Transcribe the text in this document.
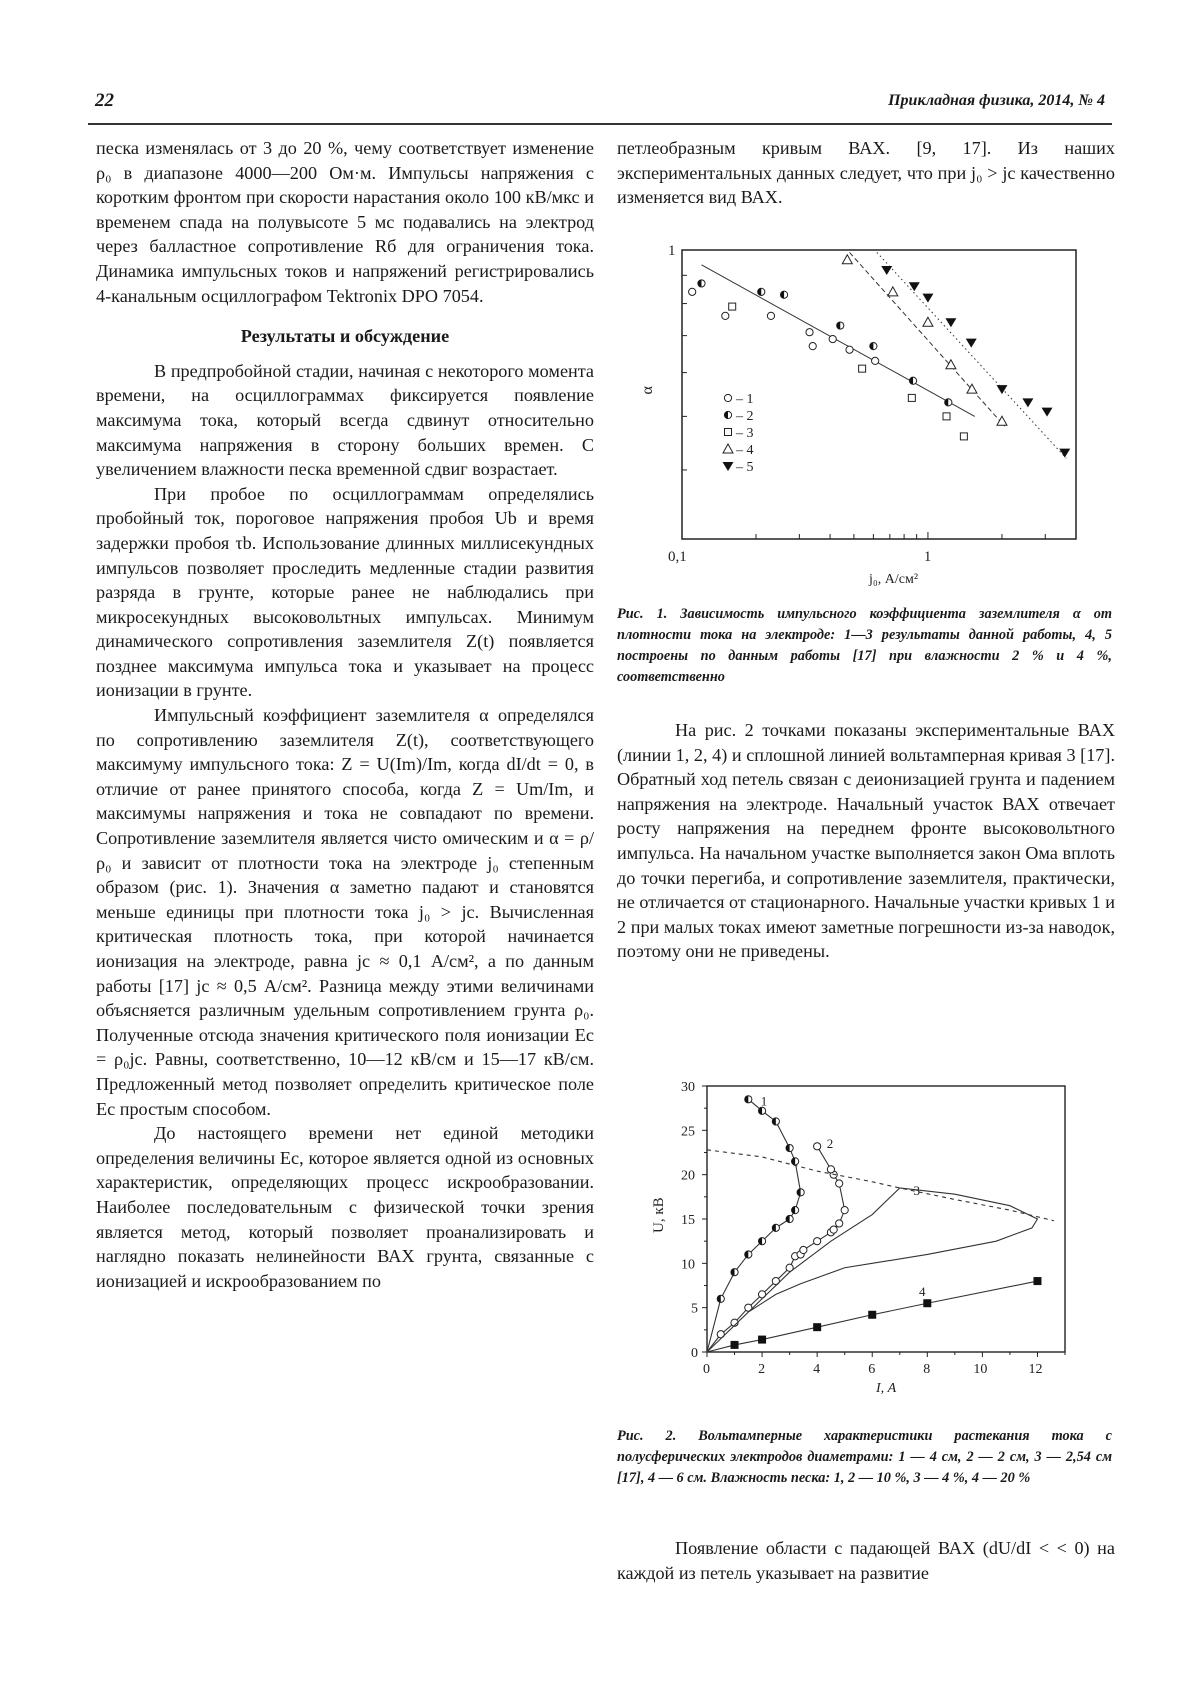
22	Прикладная физика, 2014, № 4

песка изменялась от 3 до 20 %, чему соответствует изменение ρ₀ в диапазоне 4000—200 Ом·м. Импульсы напряжения с коротким фронтом при скорости нарастания около 100 кВ/мкс и временем спада на полувысоте 5 мс подавались на электрод через балластное сопротивление Rб для ограничения тока. Динамика импульсных токов и напряжений регистрировались 4-канальным осциллографом Tektronix DPO 7054.

Результаты и обсуждение

В предпробойной стадии, начиная с некоторого момента времени, на осциллограммах фиксируется появление максимума тока, который всегда сдвинут относительно максимума напряжения в сторону больших времен. С увеличением влажности песка временной сдвиг возрастает.

При пробое по осциллограммам определялись пробойный ток, пороговое напряжения пробоя Ub и время задержки пробоя τb. Использование длинных миллисекундных импульсов позволяет проследить медленные стадии развития разряда в грунте, которые ранее не наблюдались при микросекундных высоковольтных импульсах. Минимум динамического сопротивления заземлителя Z(t) появляется позднее максимума импульса тока и указывает на процесс ионизации в грунте.

Импульсный коэффициент заземлителя α определялся по сопротивлению заземлителя Z(t), соответствующего максимуму импульсного тока: Z = U(Im)/Im, когда dI/dt = 0, в отличие от ранее принятого способа, когда Z = Um/Im, и максимумы напряжения и тока не совпадают по времени. Сопротивление заземлителя является чисто омическим и α = ρ/ρ₀ и зависит от плотности тока на электроде j₀ степенным образом (рис. 1). Значения α заметно падают и становятся меньше единицы при плотности тока j₀ > jc. Вычисленная критическая плотность тока, при которой начинается ионизация на электроде, равна jc ≈ 0,1 А/см², а по данным работы [17] jc ≈ 0,5 А/см². Разница между этими величинами объясняется различным удельным сопротивлением грунта ρ₀. Полученные отсюда значения критического поля ионизации Ec = ρ₀jc. Равны, соответственно, 10—12 кВ/см и 15—17 кВ/см. Предложенный метод позволяет определить критическое поле Ec простым способом.

До настоящего времени нет единой методики определения величины Ec, которое является одной из основных характеристик, определяющих процесс искрообразовании. Наиболее последовательным с физической точки зрения является метод, который позволяет проанализировать и наглядно показать нелинейности ВАХ грунта, связанные с ионизацией и искрообразованием по

петлеобразным кривым ВАХ. [9, 17]. Из наших экспериментальных данных следует, что при j₀ > jc качественно изменяется вид ВАХ.

0,1	1
1
j₀, А/см²
α
– 1
– 2
– 3
– 4
– 5
Рис. 1. Зависимость импульсного коэффициента заземлителя α от плотности тока на электроде: 1—3 результаты данной работы, 4, 5 построены по данным работы [17] при влажности 2 % и 4 %, соответственно

На рис. 2 точками показаны экспериментальные ВАХ (линии 1, 2, 4) и сплошной линией вольтамперная кривая 3 [17]. Обратный ход петель связан с деионизацией грунта и падением напряжения на электроде. Начальный участок ВАХ отвечает росту напряжения на переднем фронте высоковольтного импульса. На начальном участке выполняется закон Ома вплоть до точки перегиба, и сопротивление заземлителя, практически, не отличается от стационарного. Начальные участки кривых 1 и 2 при малых токах имеют заметные погрешности из-за наводок, поэтому они не приведены.

0	2	4	6	8	10	12
0
5
10
15
20
25
30
I, А
U, кВ
1
2
3
4
Рис. 2. Вольтамперные характеристики растекания тока с полусферических электродов диаметрами: 1 — 4 см, 2 — 2 см, 3 — 2,54 см [17], 4 — 6 см. Влажность песка: 1, 2 — 10 %, 3 — 4 %, 4 — 20 %

Появление области с падающей ВАХ (dU/dI < < 0) на каждой из петель указывает на развитие
